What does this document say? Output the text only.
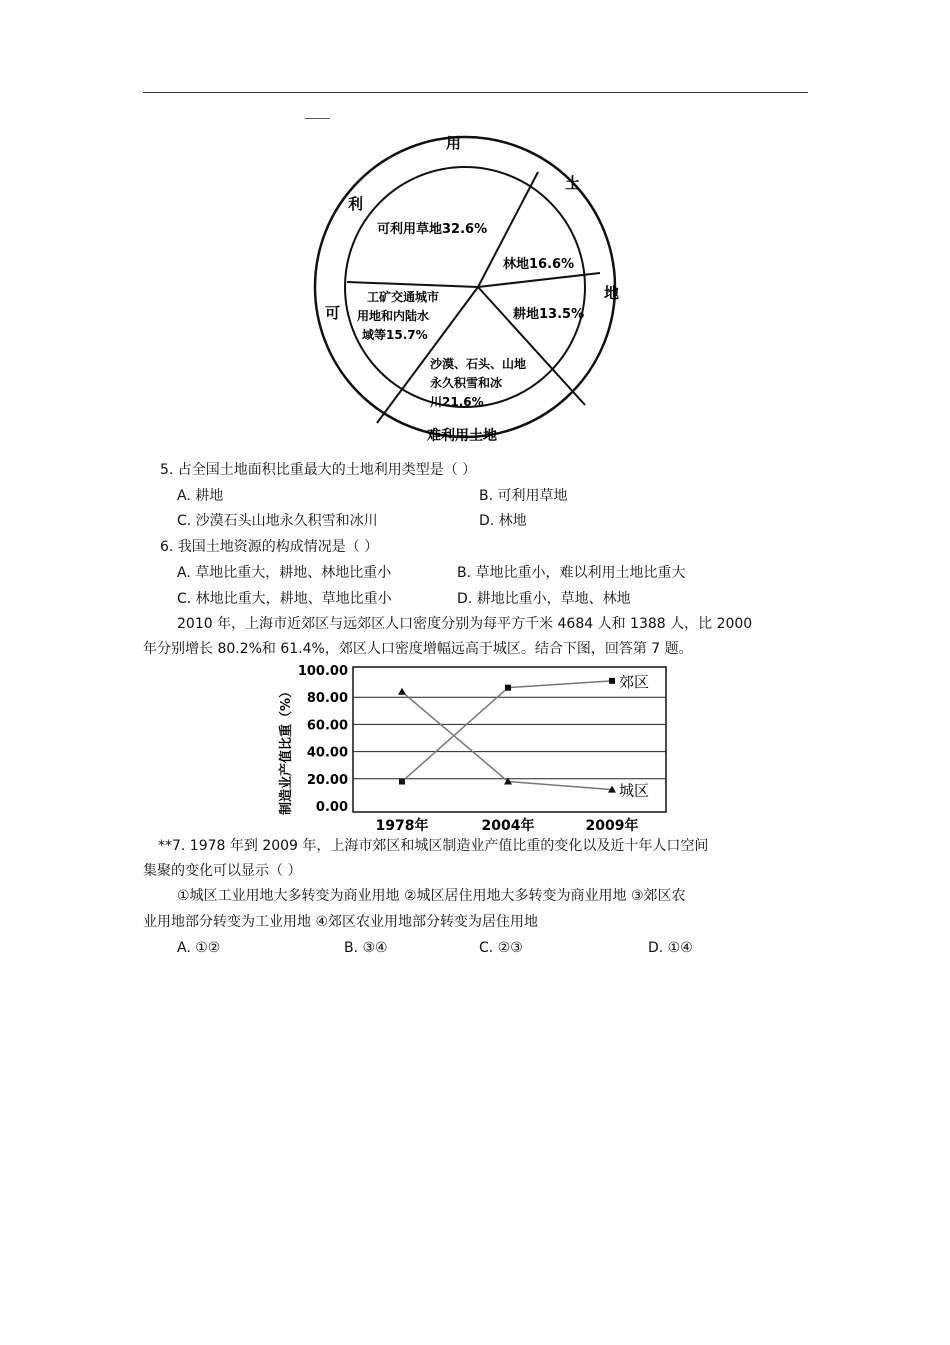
用
土
地
利
可
难利用土地
可利用草地32.6%
林地16.6%
耕地13.5%
工矿交通城市
用地和内陆水
域等15.7%
沙漠、石头、山地
永久积雪和冰
川21.6%
5. 占全国土地面积比重最大的土地利用类型是（ ）
A. 耕地	B. 可利用草地
C. 沙漠石头山地永久积雪和冰川	D. 林地
6. 我国土地资源的构成情况是（ ）
A. 草地比重大，耕地、林地比重小	B. 草地比重小，难以利用土地比重大
C. 林地比重大，耕地、草地比重小	D. 耕地比重小，草地、林地
2010 年，上海市近郊区与远郊区人口密度分别为每平方千米 4684 人和 1388 人，比 2000
年分别增长 80.2%和 61.4%，郊区人口密度增幅远高于城区。结合下图，回答第 7 题。
制造业产值比重（%）
100.00
80.00
60.00
40.00
20.00
0.00
郊区
城区
1978年	2004年	2009年
**7. 1978 年到 2009 年，上海市郊区和城区制造业产值比重的变化以及近十年人口空间
集聚的变化可以显示（ ）
①城区工业用地大多转变为商业用地 ②城区居住用地大多转变为商业用地 ③郊区农
业用地部分转变为工业用地 ④郊区农业用地部分转变为居住用地
A. ①②	B. ③④	C. ②③	D. ①④
